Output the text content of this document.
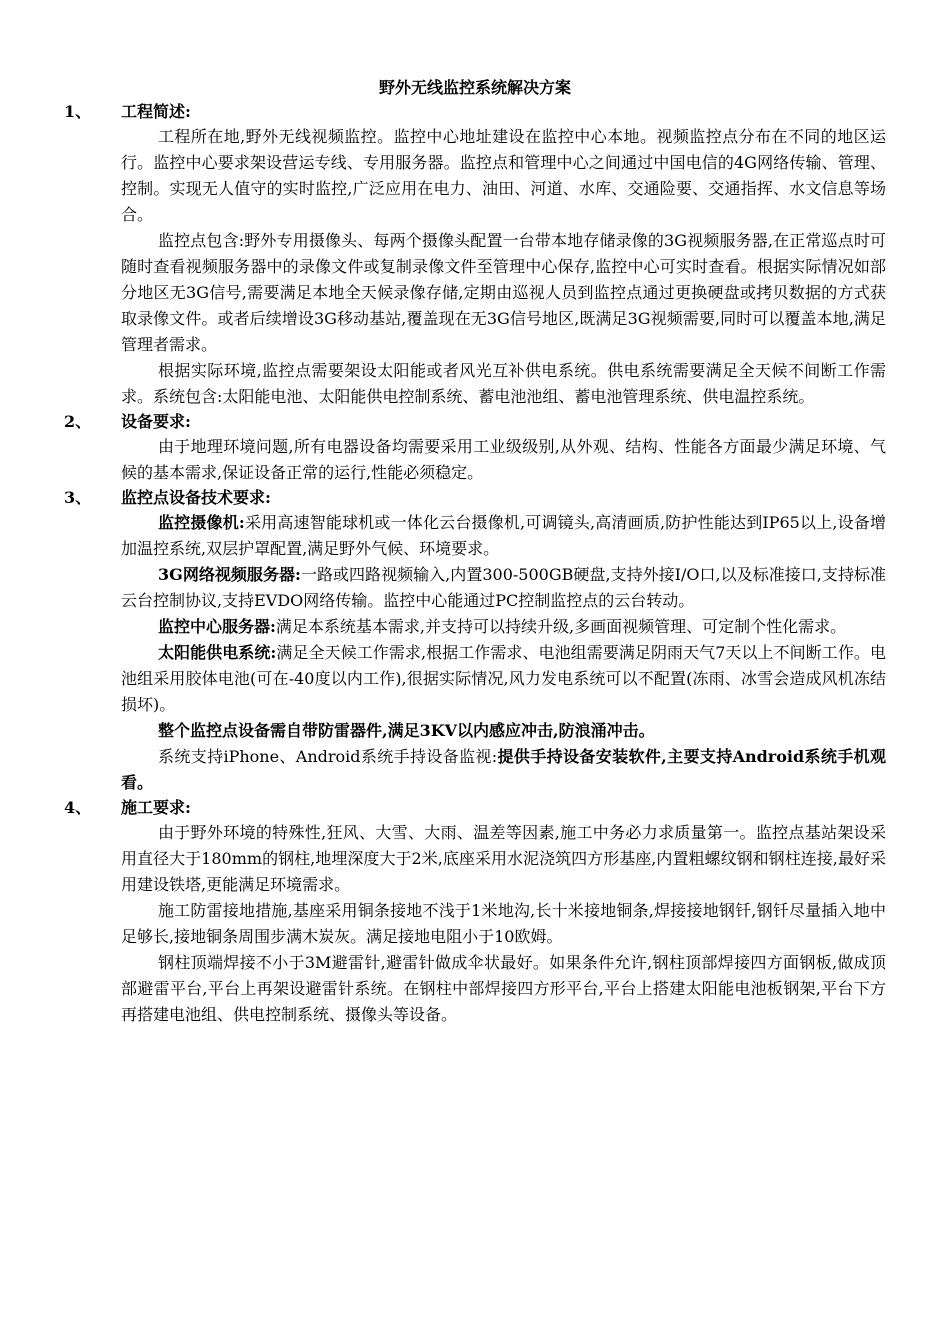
野外无线监控系统解决方案
1、 工程简述:
工程所在地,野外无线视频监控。监控中心地址建设在监控中心本地。视频监控点分布在不同的地区运行。监控中心要求架设营运专线、专用服务器。监控点和管理中心之间通过中国电信的4G网络传输、管理、控制。实现无人值守的实时监控,广泛应用在电力、油田、河道、水库、交通险要、交通指挥、水文信息等场合。
监控点包含:野外专用摄像头、每两个摄像头配置一台带本地存储录像的3G视频服务器,在正常巡点时可随时查看视频服务器中的录像文件或复制录像文件至管理中心保存,监控中心可实时查看。根据实际情况如部分地区无3G信号,需要满足本地全天候录像存储,定期由巡视人员到监控点通过更换硬盘或拷贝数据的方式获取录像文件。或者后续增设3G移动基站,覆盖现在无3G信号地区,既满足3G视频需要,同时可以覆盖本地,满足管理者需求。
根据实际环境,监控点需要架设太阳能或者风光互补供电系统。供电系统需要满足全天候不间断工作需求。系统包含:太阳能电池、太阳能供电控制系统、蓄电池池组、蓄电池管理系统、供电温控系统。
2、 设备要求:
由于地理环境问题,所有电器设备均需要采用工业级级别,从外观、结构、性能各方面最少满足环境、气候的基本需求,保证设备正常的运行,性能必须稳定。
3、 监控点设备技术要求:
监控摄像机:采用高速智能球机或一体化云台摄像机,可调镜头,高清画质,防护性能达到IP65以上,设备增加温控系统,双层护罩配置,满足野外气候、环境要求。
3G网络视频服务器:一路或四路视频输入,内置300-500GB硬盘,支持外接I/O口,以及标准接口,支持标准云台控制协议,支持EVDO网络传输。监控中心能通过PC控制监控点的云台转动。
监控中心服务器:满足本系统基本需求,并支持可以持续升级,多画面视频管理、可定制个性化需求。
太阳能供电系统:满足全天候工作需求,根据工作需求、电池组需要满足阴雨天气7天以上不间断工作。电池组采用胶体电池(可在-40度以内工作),很据实际情况,风力发电系统可以不配置(冻雨、冰雪会造成风机冻结损坏)。
整个监控点设备需自带防雷器件,满足3KV以内感应冲击,防浪涌冲击。
系统支持iPhone、Android系统手持设备监视:提供手持设备安装软件,主要支持Android系统手机观看。
4、 施工要求:
由于野外环境的特殊性,狂风、大雪、大雨、温差等因素,施工中务必力求质量第一。监控点基站架设采用直径大于180mm的钢柱,地埋深度大于2米,底座采用水泥浇筑四方形基座,内置粗螺纹钢和钢柱连接,最好采用建设铁塔,更能满足环境需求。
施工防雷接地措施,基座采用铜条接地不浅于1米地沟,长十米接地铜条,焊接接地钢钎,钢钎尽量插入地中足够长,接地铜条周围步满木炭灰。满足接地电阻小于10欧姆。
钢柱顶端焊接不小于3M避雷针,避雷针做成伞状最好。如果条件允许,钢柱顶部焊接四方面钢板,做成顶部避雷平台,平台上再架设避雷针系统。在钢柱中部焊接四方形平台,平台上搭建太阳能电池板钢架,平台下方再搭建电池组、供电控制系统、摄像头等设备。
